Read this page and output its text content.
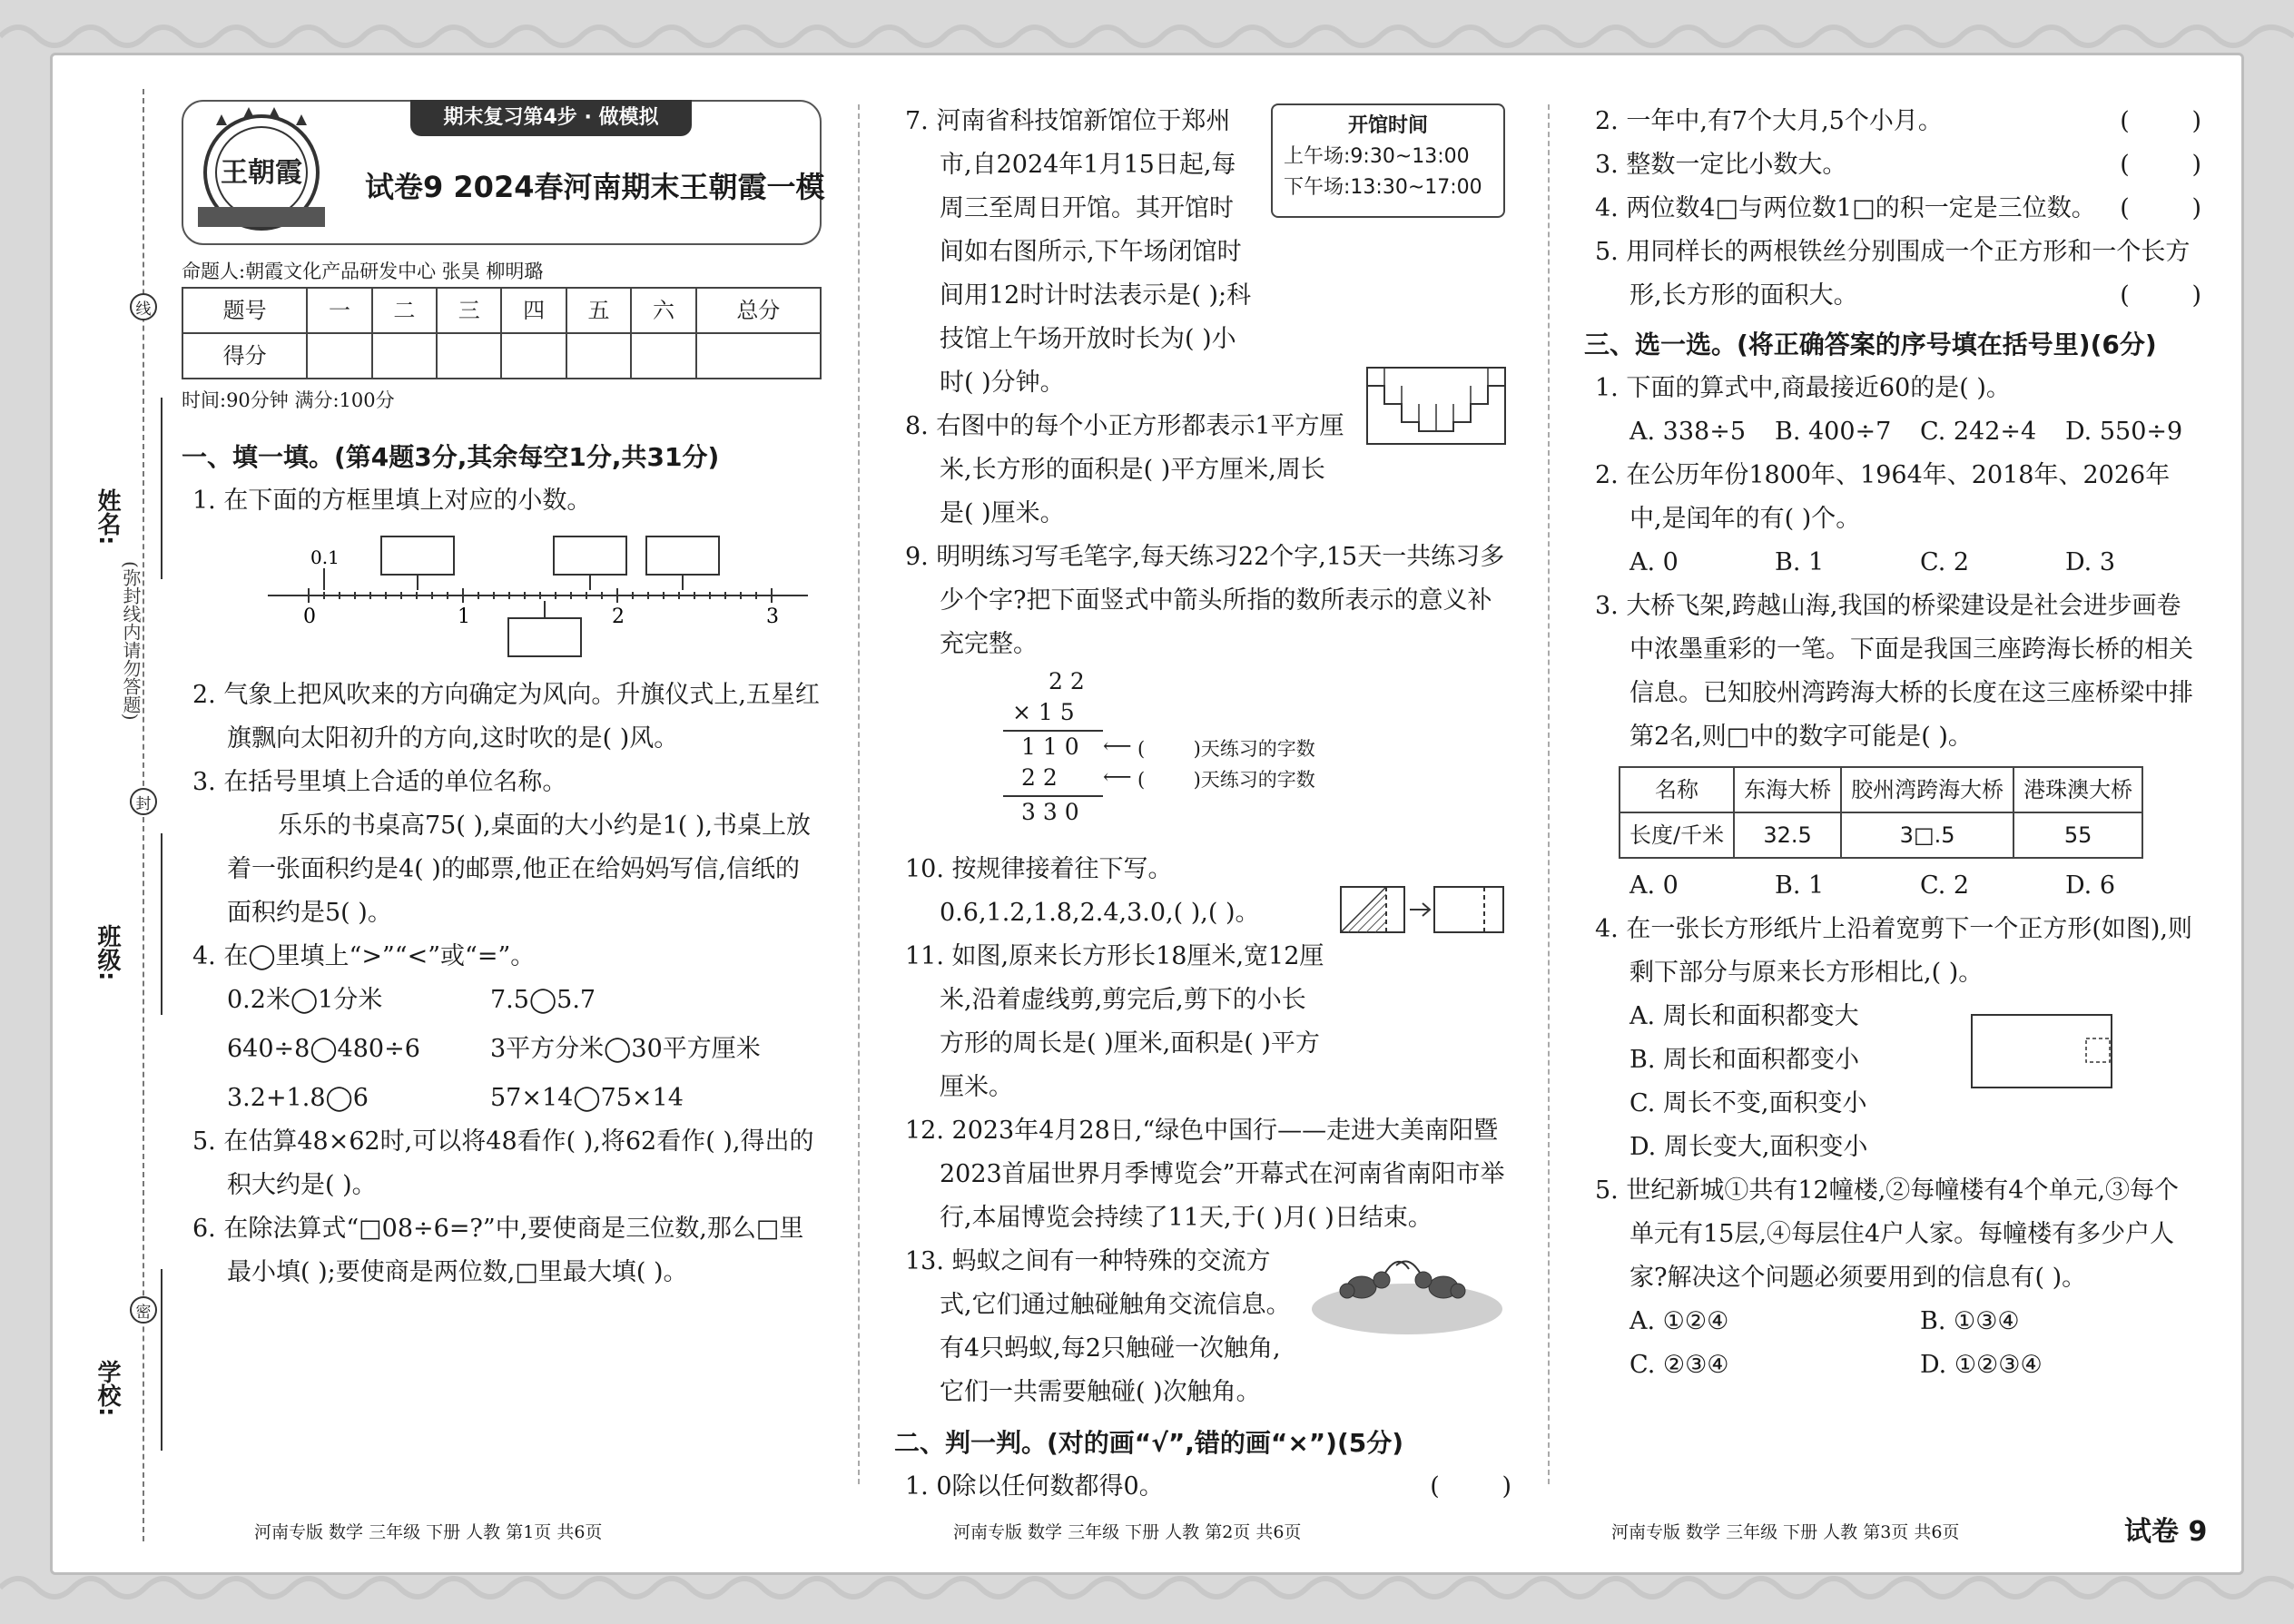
姓名:
班级:
学校:
(弥封线内请勿答题)
线
封
密
王朝霞
期末复习第4步 · 做模拟
试卷9 2024春河南期末王朝霞一模
命题人:朝霞文化产品研发中心 张昊 柳明璐
题号	一	二	三	四	五	六	总分
得分							
时间:90分钟 满分:100分
一、填一填。(第4题3分,其余每空1分,共31分)
1. 在下面的方框里填上对应的小数。
0.1
0	1	2	3
2. 气象上把风吹来的方向确定为风向。升旗仪式上,五星红旗飘向太阳初升的方向,这时吹的是( )风。
3. 在括号里填上合适的单位名称。
乐乐的书桌高75( ),桌面的大小约是1( ),书桌上放着一张面积约是4( )的邮票,他正在给妈妈写信,信纸的面积约是5( )。
4. 在◯里填上“>”“<”或“=”。
0.2米◯1分米	7.5◯5.7
640÷8◯480÷6	3平方分米◯30平方厘米
3.2+1.8◯6	57×14◯75×14
5. 在估算48×62时,可以将48看作( ),将62看作( ),得出的积大约是( )。
6. 在除法算式“□08÷6=?”中,要使商是三位数,那么□里最小填( );要使商是两位数,□里最大填( )。
7. 河南省科技馆新馆位于郑州市,自2024年1月15日起,每周三至周日开馆。其开馆时间如右图所示,下午场闭馆时间用12时计时法表示是( );科技馆上午场开放时长为( )小时( )分钟。
8. 右图中的每个小正方形都表示1平方厘米,长方形的面积是( )平方厘米,周长是( )厘米。
9. 明明练习写毛笔字,每天练习22个字,15天一共练习多少个字?把下面竖式中箭头所指的数所表示的意义补充完整。
2 2
× 1 5
1 1 0
2 2
3 3 0
⟵
⟵
(        )天练习的字数
(        )天练习的字数
10. 按规律接着往下写。
0.6,1.2,1.8,2.4,3.0,( ),( )。
11. 如图,原来长方形长18厘米,宽12厘米,沿着虚线剪,剪完后,剪下的小长方形的周长是( )厘米,面积是( )平方厘米。
12. 2023年4月28日,“绿色中国行——走进大美南阳暨2023首届世界月季博览会”开幕式在河南省南阳市举行,本届博览会持续了11天,于( )月( )日结束。
13. 蚂蚁之间有一种特殊的交流方式,它们通过触碰触角交流信息。有4只蚂蚁,每2只触碰一次触角,它们一共需要触碰( )次触角。
二、判一判。(对的画“√”,错的画“×”)(5分)
1. 0除以任何数都得0。	(        )
开馆时间
上午场:9:30~13:00
下午场:13:30~17:00
2. 一年中,有7个大月,5个小月。	(        )
3. 整数一定比小数大。	(        )
4. 两位数4□与两位数1□的积一定是三位数。 (        )
5. 用同样长的两根铁丝分别围成一个正方形和一个长方形,长方形的面积大。	(        )
三、选一选。(将正确答案的序号填在括号里)(6分)
1. 下面的算式中,商最接近60的是( )。
A. 338÷5	B. 400÷7	C. 242÷4	D. 550÷9
2. 在公历年份1800年、1964年、2018年、2026年中,是闰年的有( )个。
A. 0	B. 1	C. 2	D. 3
3. 大桥飞架,跨越山海,我国的桥梁建设是社会进步画卷中浓墨重彩的一笔。下面是我国三座跨海长桥的相关信息。已知胶州湾跨海大桥的长度在这三座桥梁中排第2名,则□中的数字可能是( )。
名称	东海大桥	胶州湾跨海大桥	港珠澳大桥
长度/千米	32.5	3□.5	55
A. 0	B. 1	C. 2	D. 6
4. 在一张长方形纸片上沿着宽剪下一个正方形(如图),则剩下部分与原来长方形相比,( )。
A. 周长和面积都变大
B. 周长和面积都变小
C. 周长不变,面积变小
D. 周长变大,面积变小
5. 世纪新城①共有12幢楼,②每幢楼有4个单元,③每个单元有15层,④每层住4户人家。每幢楼有多少户人家?解决这个问题必须要用到的信息有( )。
A. ①②④	B. ①③④
C. ②③④	D. ①②③④
河南专版 数学 三年级 下册 人教 第1页 共6页	河南专版 数学 三年级 下册 人教 第2页 共6页	河南专版 数学 三年级 下册 人教 第3页 共6页	试卷 9
